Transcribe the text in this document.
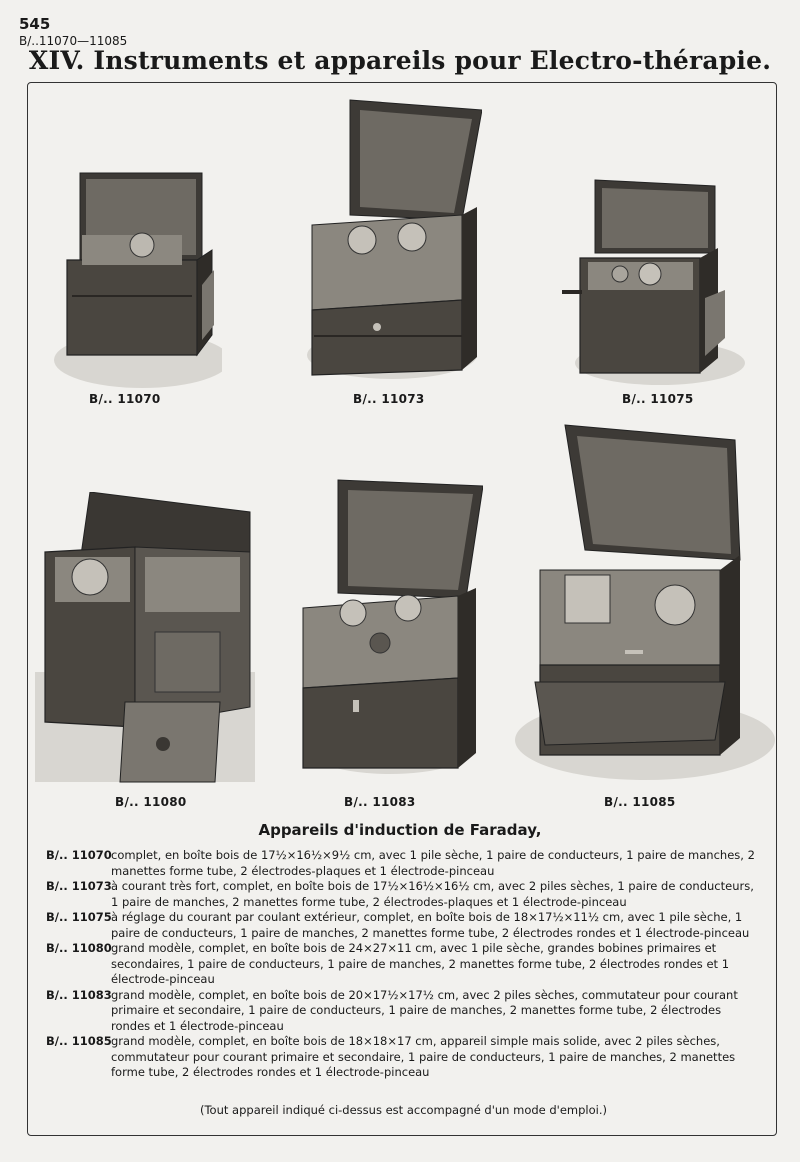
545
B/..11070—11085
XIV. Instruments et appareils pour Electro-thérapie.
B/.. 11070	B/.. 11073	B/.. 11075
B/.. 11080	B/.. 11083	B/.. 11085
Appareils d'induction de Faraday,
B/.. 11070 complet, en boîte bois de 17½×16½×9½ cm, avec 1 pile sèche, 1 paire de conducteurs, 1 paire de manches, 2 manettes forme tube, 2 électrodes-plaques et 1 électrode-pinceau
B/.. 11073 à courant très fort, complet, en boîte bois de 17½×16½×16½ cm, avec 2 piles sèches, 1 paire de conducteurs, 1 paire de manches, 2 manettes forme tube, 2 électrodes-plaques et 1 électrode-pinceau
B/.. 11075 à réglage du courant par coulant extérieur, complet, en boîte bois de 18×17½×11½ cm, avec 1 pile sèche, 1 paire de conducteurs, 1 paire de manches, 2 manettes forme tube, 2 électrodes rondes et 1 électrode-pinceau
B/.. 11080 grand modèle, complet, en boîte bois de 24×27×11 cm, avec 1 pile sèche, grandes bobines primaires et secondaires, 1 paire de conducteurs, 1 paire de manches, 2 manettes forme tube, 2 électrodes rondes et 1 électrode-pinceau
B/.. 11083 grand modèle, complet, en boîte bois de 20×17½×17½ cm, avec 2 piles sèches, commutateur pour courant primaire et secondaire, 1 paire de conducteurs, 1 paire de manches, 2 manettes forme tube, 2 électrodes rondes et 1 électrode-pinceau
B/.. 11085 grand modèle, complet, en boîte bois de 18×18×17 cm, appareil simple mais solide, avec 2 piles sèches, commutateur pour courant primaire et secondaire, 1 paire de conducteurs, 1 paire de manches, 2 manettes forme tube, 2 électrodes rondes et 1 électrode-pinceau
(Tout appareil indiqué ci-dessus est accompagné d'un mode d'emploi.)
